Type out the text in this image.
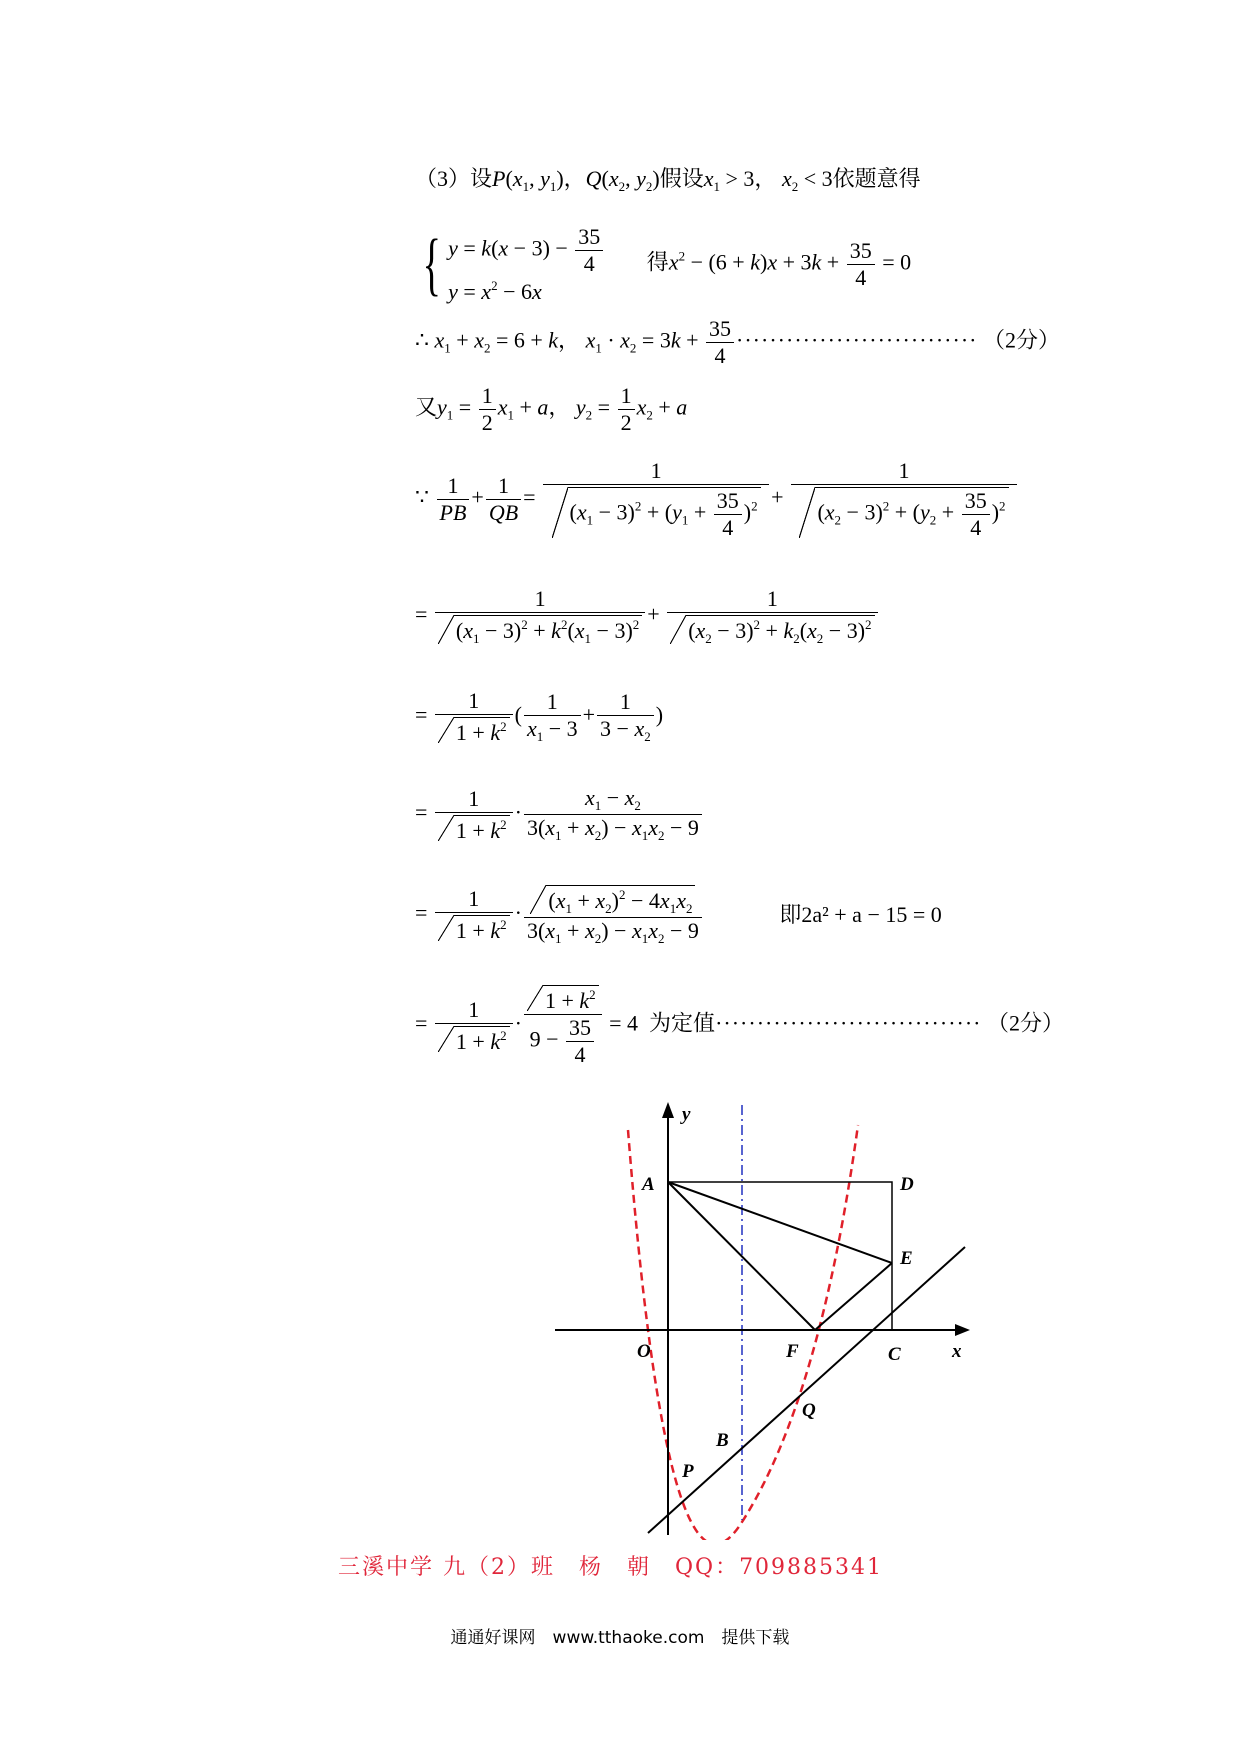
（3）设$P(x_1$, $y_1$)，$Q(x_2$, $y_2$)假设$x_1 > 3$， $x_2 < 3$依题意得
{ $y = k(x - 3) - \frac{35}{4}$
$y = x^2 - 6x$
得$x^2 - (6 + k)x + 3k + \frac{35}{4} = 0$
∴ $x_1 + x_2 = 6 + k$， $x_1 \cdot x_2 = 3k + \frac{35}{4}$ ····························· （2分）
又$y_1 = \frac{1}{2} x_1 + a$， $y_2 = \frac{1}{2} x_2 + a$
∵ $\frac{1}{PB} + \frac{1}{QB} = \frac{1}{(x_1 - 3)^2 + (y_1 + \frac{35}{4} )^2} + \frac{1}{(x_2 - 3)^2 + (y_2 + \frac{35}{4} )^2}$
= $\frac{1}{(x_1 - 3)^2 + k^2(x_1 - 3)^2} + \frac{1}{(x_2 - 3)^2 + k_2(x_2 - 3)^2}$
= $\frac{1}{1 + k^2}$ ( $\frac{1}{x_1 - 3} + \frac{1}{3 - x_2}$ )
= $\frac{1}{1 + k^2} \cdot \frac{x_1 - x_2}{3(x_1 + x_2) - x_1x_2 - 9}$
= $\frac{1}{1 + k^2} \cdot \frac{(x_1 + x_2)^2 - 4x_1x_2}{3(x_1 + x_2) - x_1x_2 - 9}$	即2a² + a − 15 = 0
= $\frac{1}{1 + k^2} \cdot \frac{1 + k^2}{9 - \frac{35}{4}} = 4$ 为定值································ （2分）
y
x
A	D
E
O	F	C
Q
B
P
三溪中学 九（2）班　杨　朝　QQ：709885341
通通好课网　www.tthaoke.com　提供下载
